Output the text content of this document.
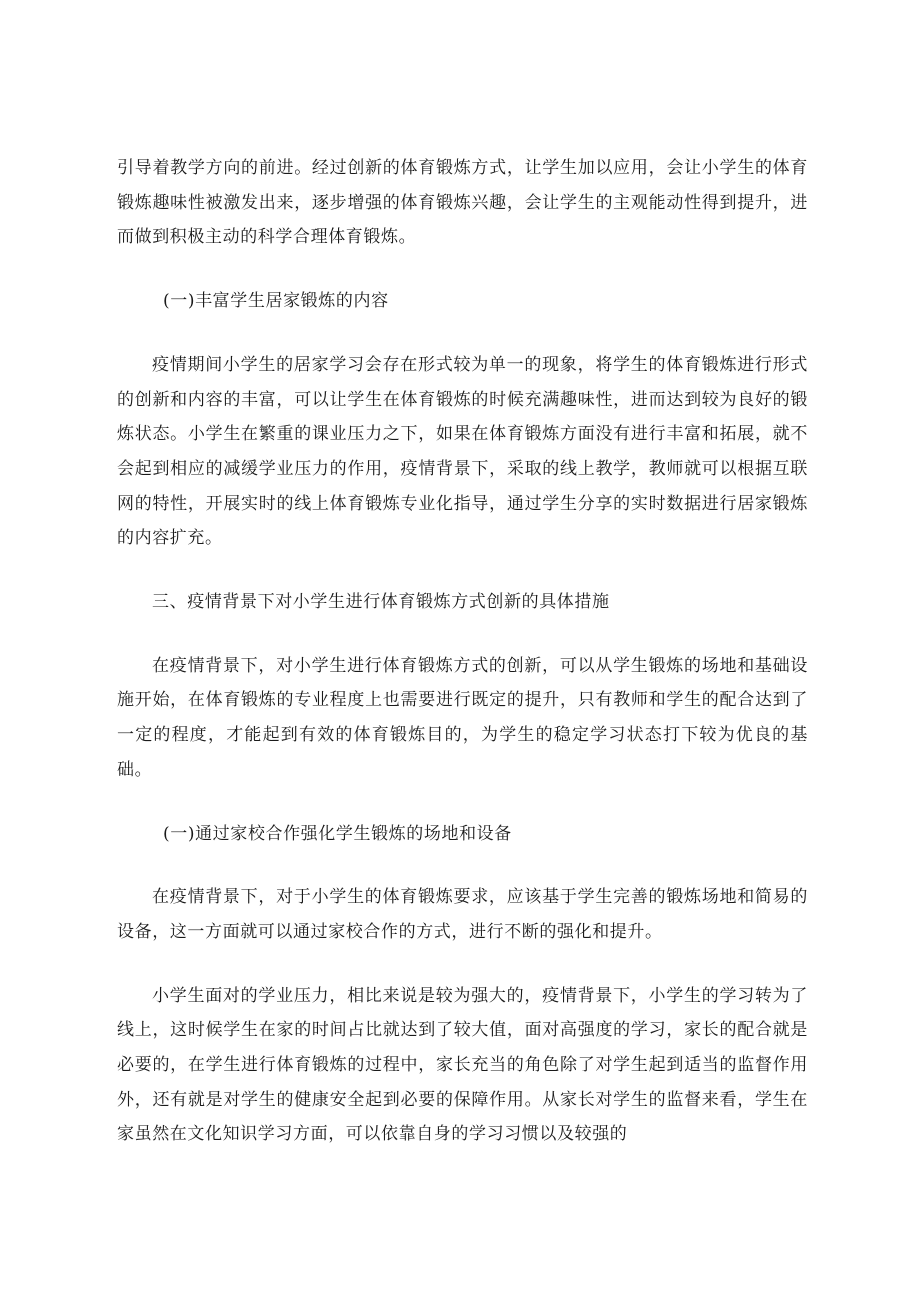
引导着教学方向的前进。经过创新的体育锻炼方式，让学生加以应用，会让小学生的体育锻炼趣味性被激发出来，逐步增强的体育锻炼兴趣，会让学生的主观能动性得到提升，进而做到积极主动的科学合理体育锻炼。

(一)丰富学生居家锻炼的内容

疫情期间小学生的居家学习会存在形式较为单一的现象，将学生的体育锻炼进行形式的创新和内容的丰富，可以让学生在体育锻炼的时候充满趣味性，进而达到较为良好的锻炼状态。小学生在繁重的课业压力之下，如果在体育锻炼方面没有进行丰富和拓展，就不会起到相应的减缓学业压力的作用，疫情背景下，采取的线上教学，教师就可以根据互联网的特性，开展实时的线上体育锻炼专业化指导，通过学生分享的实时数据进行居家锻炼的内容扩充。

三、疫情背景下对小学生进行体育锻炼方式创新的具体措施

在疫情背景下，对小学生进行体育锻炼方式的创新，可以从学生锻炼的场地和基础设施开始，在体育锻炼的专业程度上也需要进行既定的提升，只有教师和学生的配合达到了一定的程度，才能起到有效的体育锻炼目的，为学生的稳定学习状态打下较为优良的基础。

(一)通过家校合作强化学生锻炼的场地和设备

在疫情背景下，对于小学生的体育锻炼要求，应该基于学生完善的锻炼场地和简易的设备，这一方面就可以通过家校合作的方式，进行不断的强化和提升。

小学生面对的学业压力，相比来说是较为强大的，疫情背景下，小学生的学习转为了线上，这时候学生在家的时间占比就达到了较大值，面对高强度的学习，家长的配合就是必要的，在学生进行体育锻炼的过程中，家长充当的角色除了对学生起到适当的监督作用外，还有就是对学生的健康安全起到必要的保障作用。从家长对学生的监督来看，学生在家虽然在文化知识学习方面，可以依靠自身的学习习惯以及较强的
